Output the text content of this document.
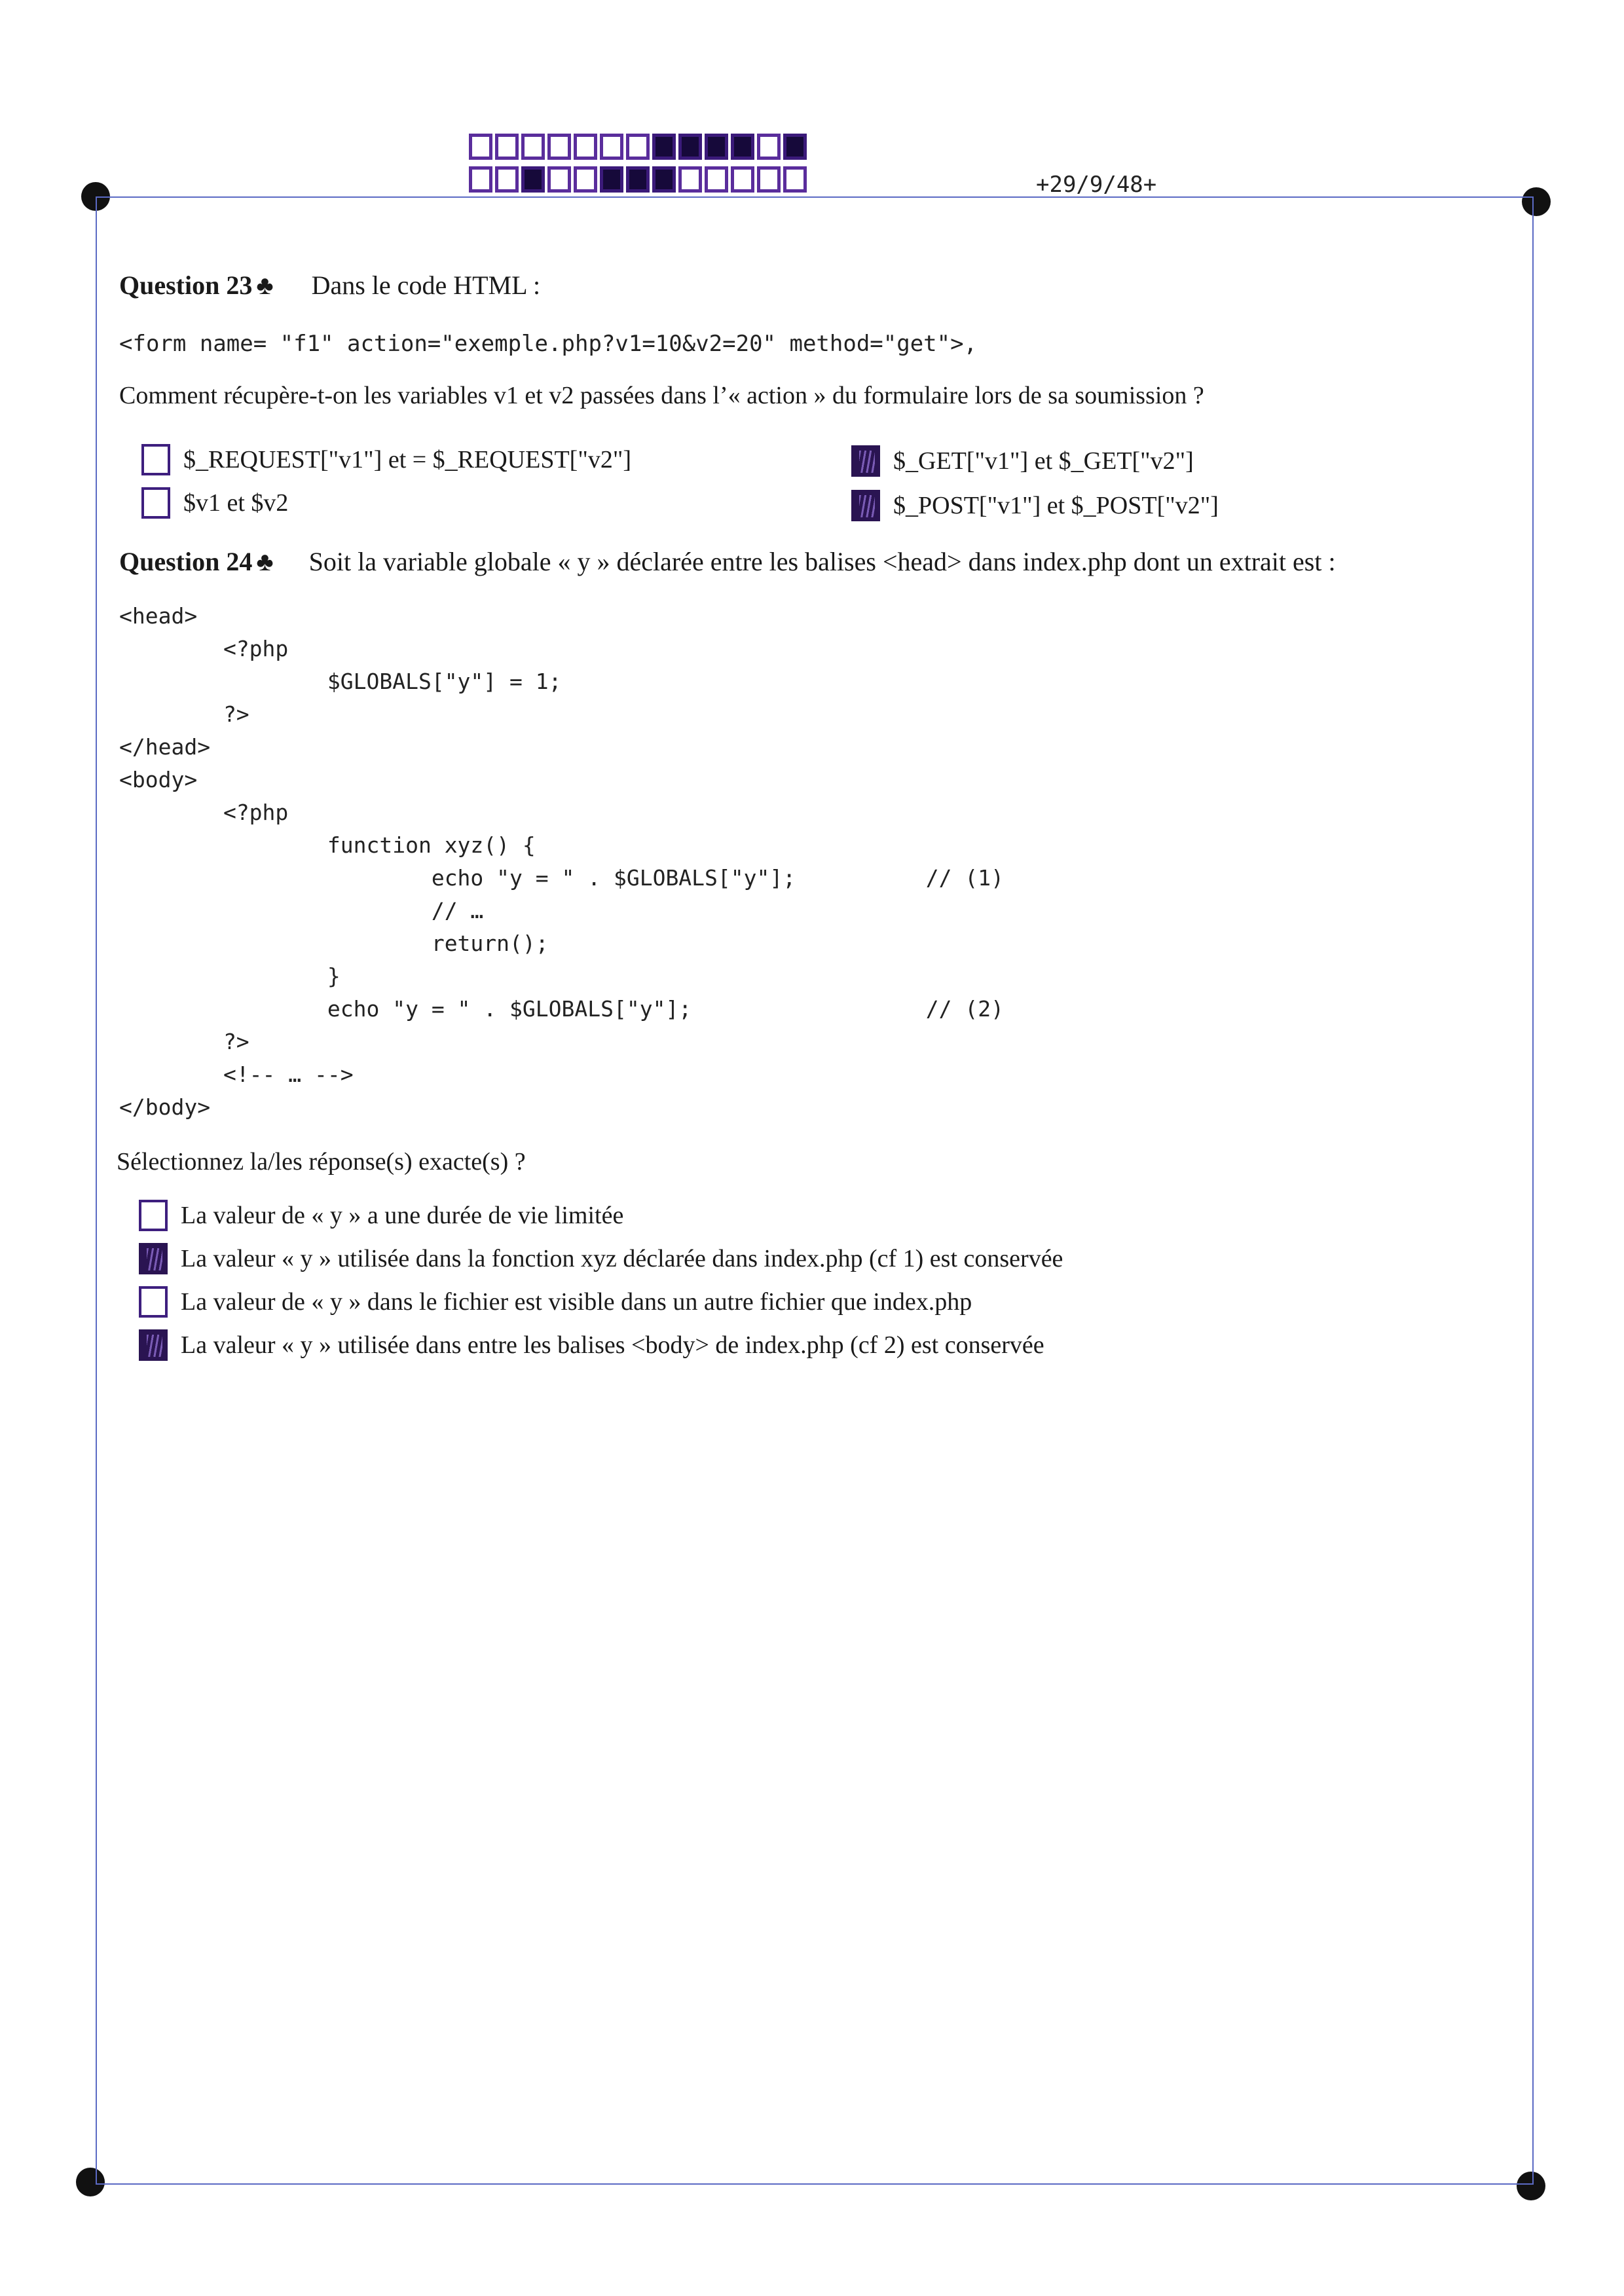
+29/9/48+
Question 23 ♣ Dans le code HTML :
<form name= "f1" action="exemple.php?v1=10&v2=20" method="get">,
Comment récupère-t-on les variables v1 et v2 passées dans l’« action » du formulaire lors de sa soumission ?
$_REQUEST["v1"] et = $_REQUEST["v2"]
$v1 et $v2
$_GET["v1"] et $_GET["v2"]
$_POST["v1"] et $_POST["v2"]
Question 24 ♣ Soit la variable globale « y » déclarée entre les balises <head> dans index.php dont un extrait est :
<head>
<?php
$GLOBALS["y"] = 1;
?>
</head>
<body>
<?php
function xyz() {
echo "y = " . $GLOBALS["y"];          // (1)
// …
return();
}
echo "y = " . $GLOBALS["y"];                  // (2)
?>
<!-- … -->
</body>
Sélectionnez la/les réponse(s) exacte(s) ?
La valeur de « y » a une durée de vie limitée
La valeur « y » utilisée dans la fonction xyz déclarée dans index.php (cf 1) est conservée
La valeur de « y » dans le fichier est visible dans un autre fichier que index.php
La valeur « y » utilisée dans entre les balises <body> de index.php (cf 2) est conservée
